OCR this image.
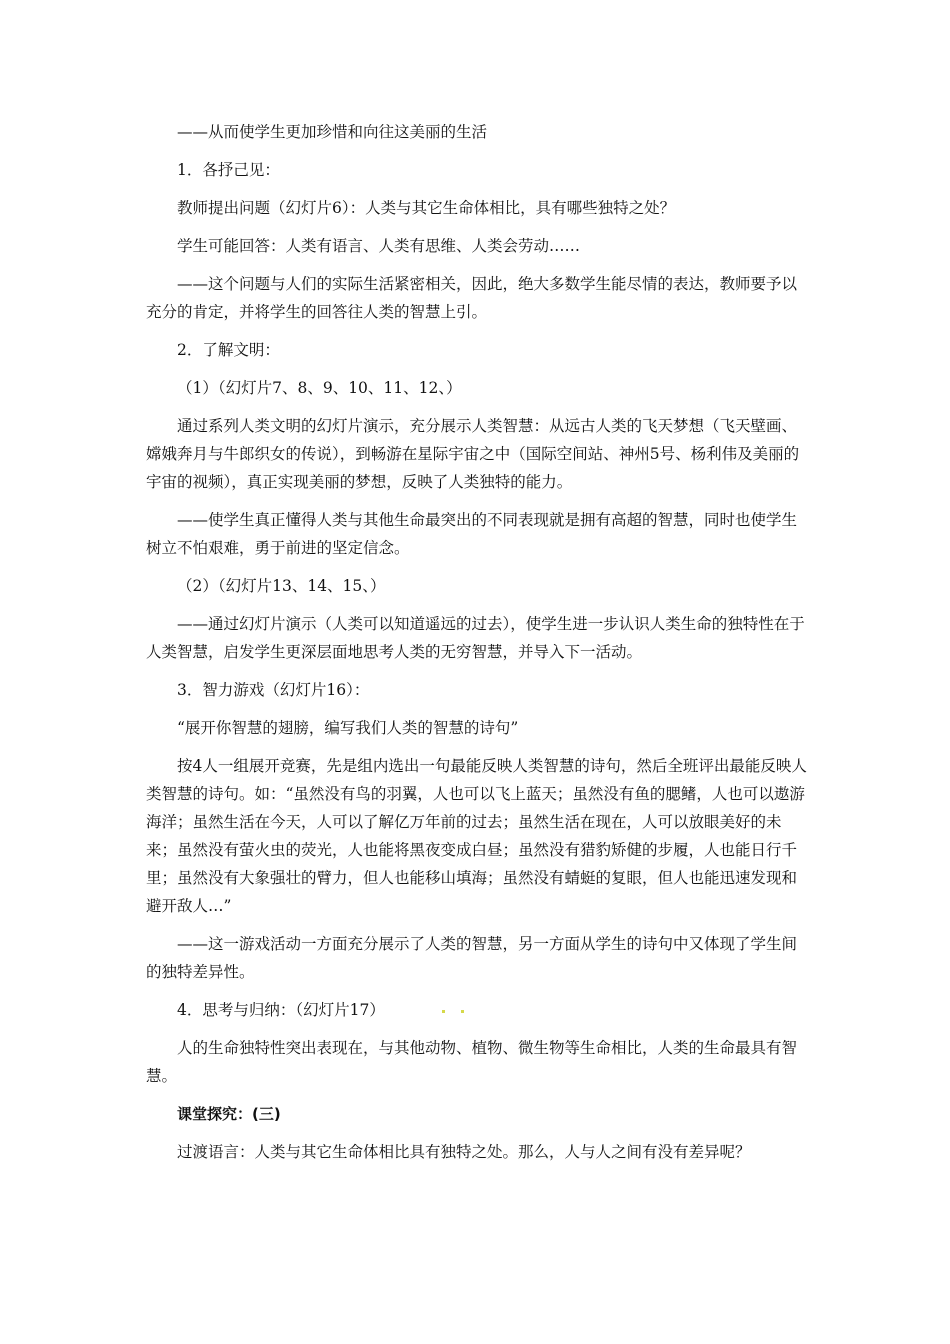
——从而使学生更加珍惜和向往这美丽的生活

1．各抒己见：

教师提出问题（幻灯片6）：人类与其它生命体相比，具有哪些独特之处？

学生可能回答：人类有语言、人类有思维、人类会劳动……

——这个问题与人们的实际生活紧密相关，因此，绝大多数学生能尽情的表达，教师要予以充分的肯定，并将学生的回答往人类的智慧上引。

2．了解文明：

（1）（幻灯片7、8、9、10、11、12、）

通过系列人类文明的幻灯片演示，充分展示人类智慧：从远古人类的飞天梦想（飞天壁画、嫦娥奔月与牛郎织女的传说），到畅游在星际宇宙之中（国际空间站、神州5号、杨利伟及美丽的宇宙的视频），真正实现美丽的梦想，反映了人类独特的能力。

——使学生真正懂得人类与其他生命最突出的不同表现就是拥有高超的智慧，同时也使学生树立不怕艰难，勇于前进的坚定信念。

（2）（幻灯片13、14、15、）

——通过幻灯片演示（人类可以知道遥远的过去），使学生进一步认识人类生命的独特性在于人类智慧，启发学生更深层面地思考人类的无穷智慧，并导入下一活动。

3．智力游戏（幻灯片16）：

“展开你智慧的翅膀，编写我们人类的智慧的诗句”

按4人一组展开竞赛，先是组内选出一句最能反映人类智慧的诗句，然后全班评出最能反映人类智慧的诗句。如：“虽然没有鸟的羽翼，人也可以飞上蓝天；虽然没有鱼的腮鳍，人也可以遨游海洋；虽然生活在今天，人可以了解亿万年前的过去；虽然生活在现在，人可以放眼美好的未来；虽然没有萤火虫的荧光，人也能将黑夜变成白昼；虽然没有猎豹矫健的步履，人也能日行千里；虽然没有大象强壮的臂力，但人也能移山填海；虽然没有蜻蜓的复眼，但人也能迅速发现和避开敌人…”

——这一游戏活动一方面充分展示了人类的智慧，另一方面从学生的诗句中又体现了学生间的独特差异性。

4．思考与归纳：（幻灯片17）

人的生命独特性突出表现在，与其他动物、植物、微生物等生命相比，人类的生命最具有智慧。

课堂探究：(三)

过渡语言：人类与其它生命体相比具有独特之处。那么，人与人之间有没有差异呢？
